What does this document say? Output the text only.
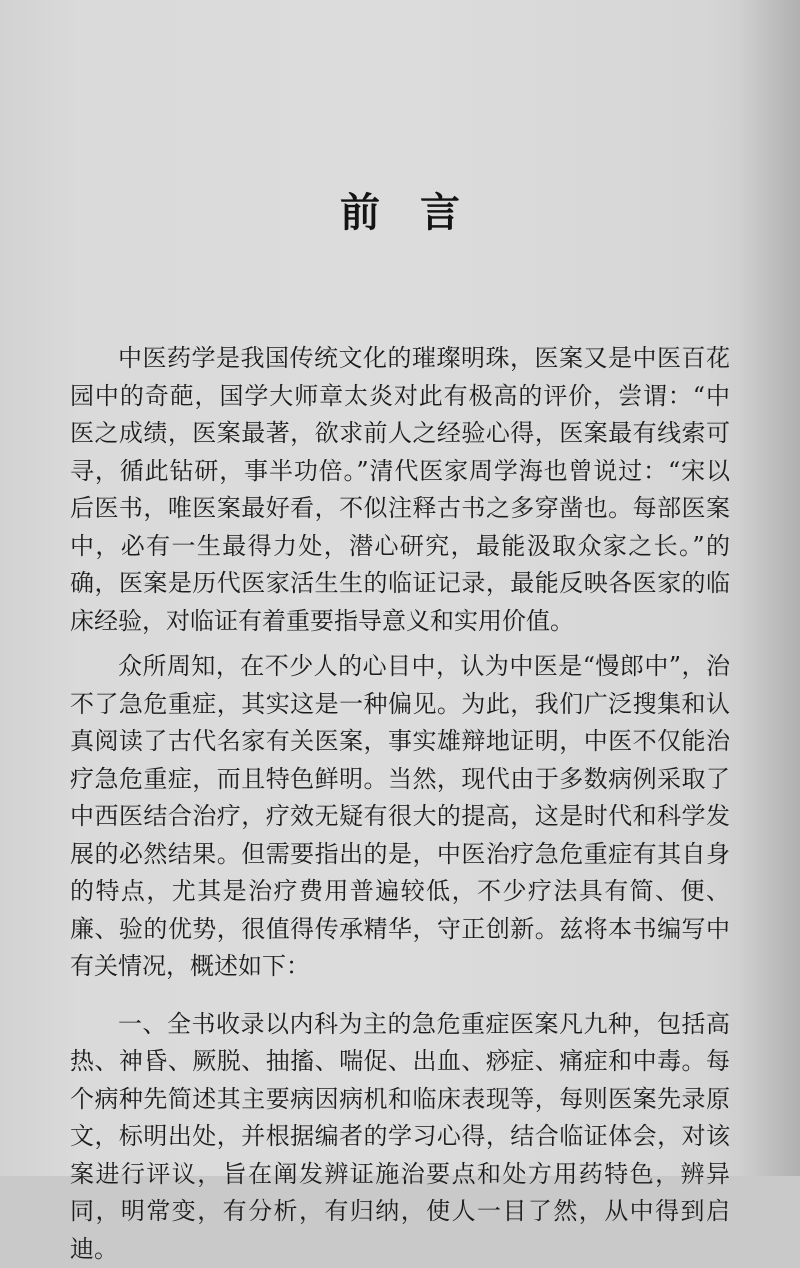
前言

中医药学是我国传统文化的璀璨明珠，医案又是中医百花园中的奇葩，国学大师章太炎对此有极高的评价，尝谓：“中医之成绩，医案最著，欲求前人之经验心得，医案最有线索可寻，循此钻研，事半功倍。”清代医家周学海也曾说过：“宋以后医书，唯医案最好看，不似注释古书之多穿凿也。每部医案中，必有一生最得力处，潜心研究，最能汲取众家之长。”的确，医案是历代医家活生生的临证记录，最能反映各医家的临床经验，对临证有着重要指导意义和实用价值。

众所周知，在不少人的心目中，认为中医是“慢郎中”，治不了急危重症，其实这是一种偏见。为此，我们广泛搜集和认真阅读了古代名家有关医案，事实雄辩地证明，中医不仅能治疗急危重症，而且特色鲜明。当然，现代由于多数病例采取了中西医结合治疗，疗效无疑有很大的提高，这是时代和科学发展的必然结果。但需要指出的是，中医治疗急危重症有其自身的特点，尤其是治疗费用普遍较低，不少疗法具有简、便、廉、验的优势，很值得传承精华，守正创新。兹将本书编写中有关情况，概述如下：

一、全书收录以内科为主的急危重症医案凡九种，包括高热、神昏、厥脱、抽搐、喘促、出血、痧症、痛症和中毒。每个病种先简述其主要病因病机和临床表现等，每则医案先录原文，标明出处，并根据编者的学习心得，结合临证体会，对该案进行评议，旨在阐发辨证施治要点和处方用药特色，辨异同，明常变，有分析，有归纳，使人一目了然，从中得到启迪。
